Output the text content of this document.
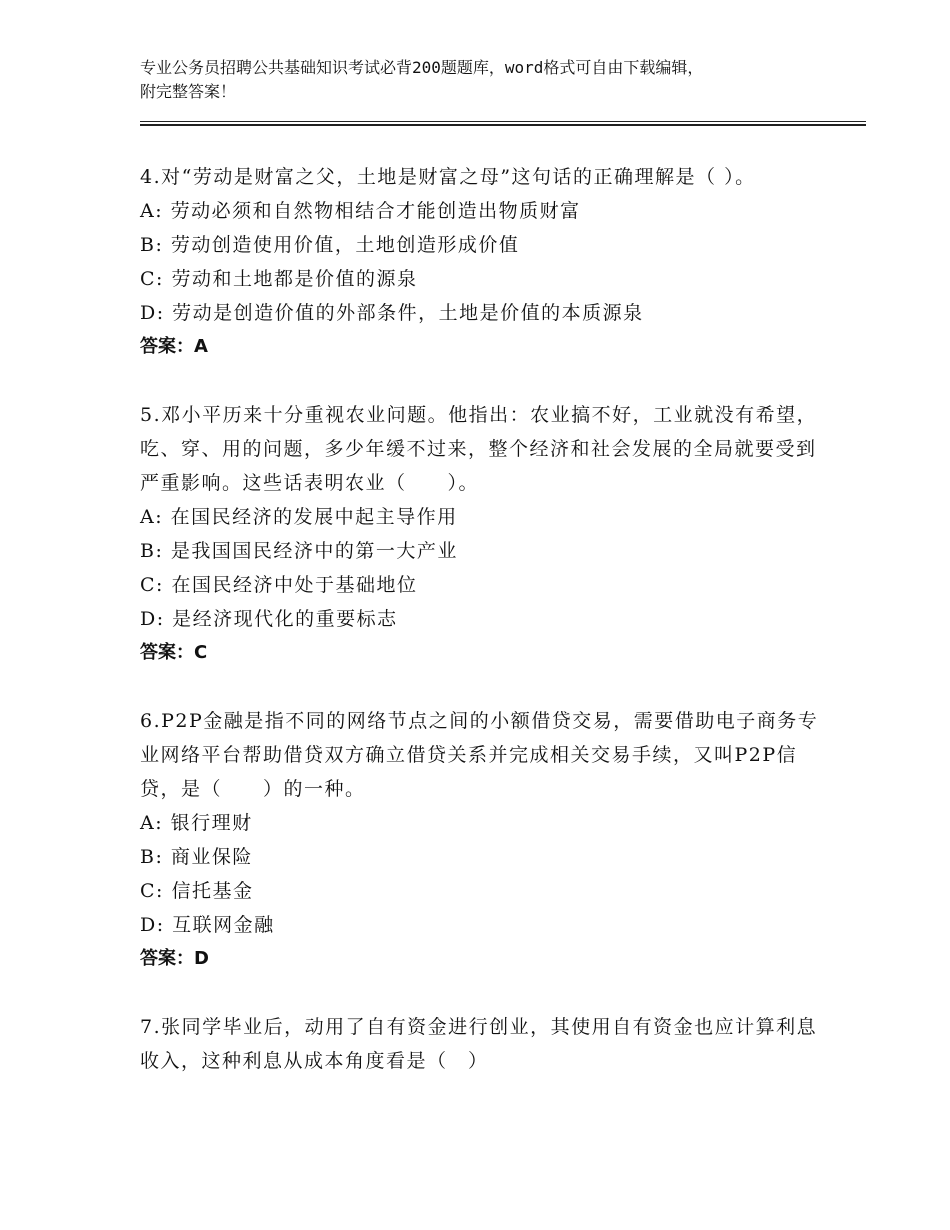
专业公务员招聘公共基础知识考试必背200题题库，word格式可自由下载编辑，
附完整答案！
4.对“劳动是财富之父，土地是财富之母”这句话的正确理解是（ ）。
A: 劳动必须和自然物相结合才能创造出物质财富
B: 劳动创造使用价值，土地创造形成价值
C: 劳动和土地都是价值的源泉
D: 劳动是创造价值的外部条件，土地是价值的本质源泉
答案：A
5.邓小平历来十分重视农业问题。他指出：农业搞不好，工业就没有希望，吃、穿、用的问题，多少年缓不过来，整个经济和社会发展的全局就要受到严重影响。这些话表明农业（　　）。
A: 在国民经济的发展中起主导作用
B: 是我国国民经济中的第一大产业
C: 在国民经济中处于基础地位
D: 是经济现代化的重要标志
答案：C
6.P2P金融是指不同的网络节点之间的小额借贷交易，需要借助电子商务专业网络平台帮助借贷双方确立借贷关系并完成相关交易手续，又叫P2P信贷，是（　　）的一种。
A: 银行理财
B: 商业保险
C: 信托基金
D: 互联网金融
答案：D
7.张同学毕业后，动用了自有资金进行创业，其使用自有资金也应计算利息收入，这种利息从成本角度看是（　）
